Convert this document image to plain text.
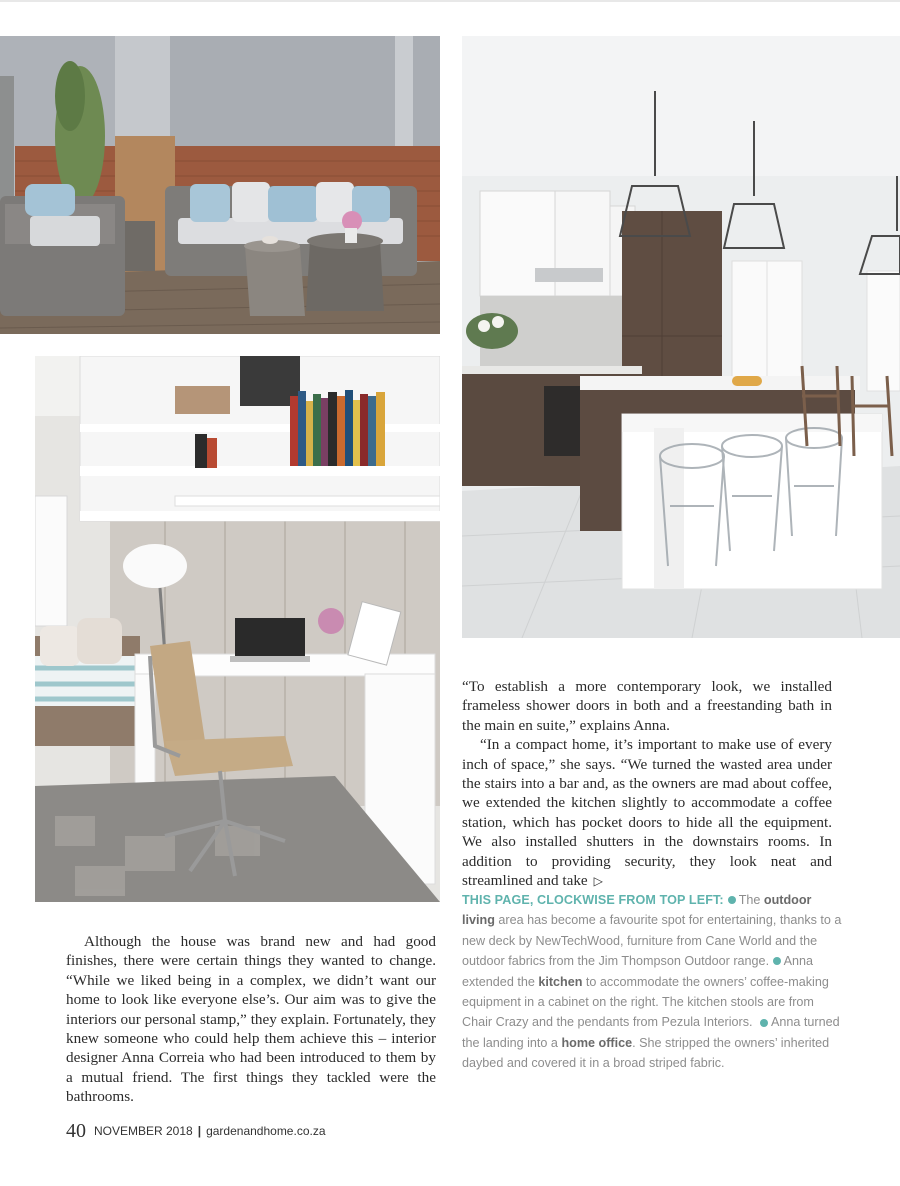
“To establish a more contemporary look, we installed frameless shower doors in both and a freestanding bath in the main en suite,” explains Anna.

“In a compact home, it’s important to make use of every inch of space,” she says. “We turned the wasted area under the stairs into a bar and, as the owners are mad about coffee, we extended the kitchen slightly to accommodate a coffee station, which has pocket doors to hide all the equipment. We also installed shutters in the downstairs rooms. In addition to providing security, they look neat and streamlined and take ▷

THIS PAGE, CLOCKWISE FROM TOP LEFT: The outdoor living area has become a favourite spot for entertaining, thanks to a new deck by NewTechWood, furniture from Cane World and the outdoor fabrics from the Jim Thompson Outdoor range. Anna extended the kitchen to accommodate the owners’ coffee-making equipment in a cabinet on the right. The kitchen stools are from Chair Crazy and the pendants from Pezula Interiors. Anna turned the landing into a home office. She stripped the owners’ inherited daybed and covered it in a broad striped fabric.

Although the house was brand new and had good finishes, there were certain things they wanted to change. “While we liked being in a complex, we didn’t want our home to look like everyone else’s. Our aim was to give the interiors our personal stamp,” they explain. Fortunately, they knew someone who could help them achieve this – interior designer Anna Correia who had been introduced to them by a mutual friend. The first things they tackled were the bathrooms.

40 NOVEMBER 2018 | gardenandhome.co.za
